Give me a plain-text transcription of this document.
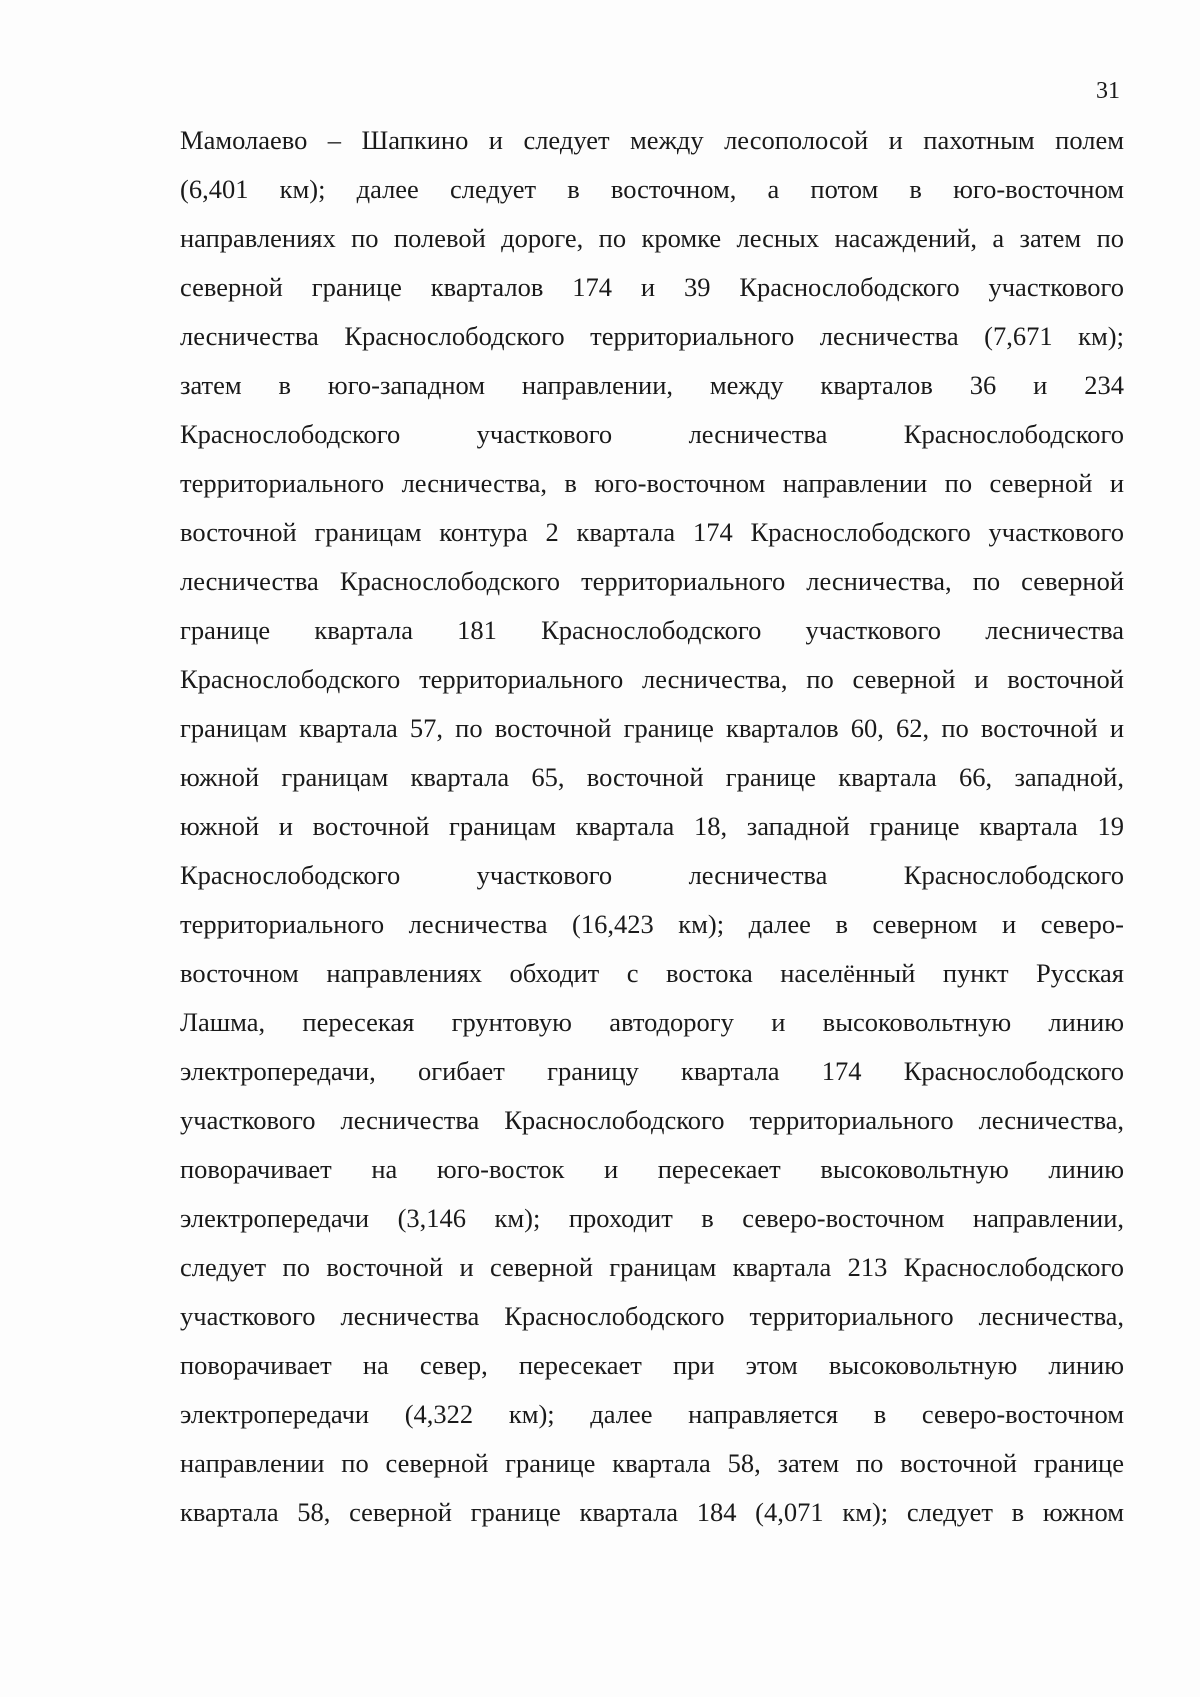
31
Мамолаево – Шапкино и следует между лесополосой и пахотным полем
(6,401 км); далее следует в восточном, а потом в юго-восточном
направлениях по полевой дороге, по кромке лесных насаждений, а затем по
северной границе кварталов 174 и 39 Краснослободского участкового
лесничества Краснослободского территориального лесничества (7,671 км);
затем в юго-западном направлении, между кварталов 36 и 234
Краснослободского участкового лесничества Краснослободского
территориального лесничества, в юго-восточном направлении по северной и
восточной границам контура 2 квартала 174 Краснослободского участкового
лесничества Краснослободского территориального лесничества, по северной
границе квартала 181 Краснослободского участкового лесничества
Краснослободского территориального лесничества, по северной и восточной
границам квартала 57, по восточной границе кварталов 60, 62, по восточной и
южной границам квартала 65, восточной границе квартала 66, западной,
южной и восточной границам квартала 18, западной границе квартала 19
Краснослободского участкового лесничества Краснослободского
территориального лесничества (16,423 км); далее в северном и северо-
восточном направлениях обходит с востока населённый пункт Русская
Лашма, пересекая грунтовую автодорогу и высоковольтную линию
электропередачи, огибает границу квартала 174 Краснослободского
участкового лесничества Краснослободского территориального лесничества,
поворачивает на юго-восток и пересекает высоковольтную линию
электропередачи (3,146 км); проходит в северо-восточном направлении,
следует по восточной и северной границам квартала 213 Краснослободского
участкового лесничества Краснослободского территориального лесничества,
поворачивает на север, пересекает при этом высоковольтную линию
электропередачи (4,322 км); далее направляется в северо-восточном
направлении по северной границе квартала 58, затем по восточной границе
квартала 58, северной границе квартала 184 (4,071 км); следует в южном
